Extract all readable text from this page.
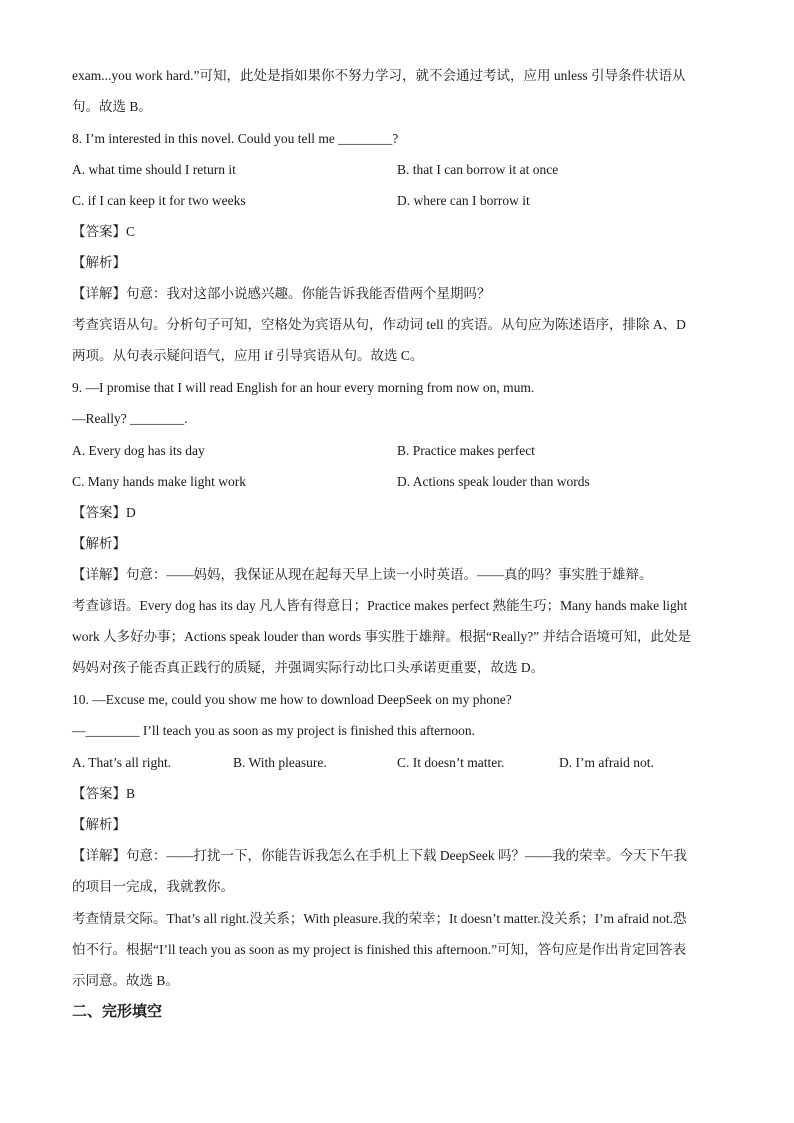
exam...you work hard.”可知，此处是指如果你不努力学习，就不会通过考试，应用 unless 引导条件状语从
句。故选 B。
8. I’m interested in this novel. Could you tell me ________?
A. what time should I return it	B. that I can borrow it at once
C. if I can keep it for two weeks	D. where can I borrow it
【答案】C
【解析】
【详解】句意：我对这部小说感兴趣。你能告诉我能否借两个星期吗？
考查宾语从句。分析句子可知，空格处为宾语从句，作动词 tell 的宾语。从句应为陈述语序，排除 A、D
两项。从句表示疑问语气，应用 if 引导宾语从句。故选 C。
9. —I promise that I will read English for an hour every morning from now on, mum.
—Really? ________.
A. Every dog has its day	B. Practice makes perfect
C. Many hands make light work	D. Actions speak louder than words
【答案】D
【解析】
【详解】句意：——妈妈，我保证从现在起每天早上读一小时英语。——真的吗？事实胜于雄辩。
考查谚语。Every dog has its day 凡人皆有得意日；Practice makes perfect 熟能生巧；Many hands make light
work 人多好办事；Actions speak louder than words 事实胜于雄辩。根据“Really?” 并结合语境可知，此处是
妈妈对孩子能否真正践行的质疑，并强调实际行动比口头承诺更重要，故选 D。
10. —Excuse me, could you show me how to download DeepSeek on my phone?
—________ I’ll teach you as soon as my project is finished this afternoon.
A. That’s all right.	B. With pleasure.	C. It doesn’t matter.	D. I’m afraid not.
【答案】B
【解析】
【详解】句意：——打扰一下，你能告诉我怎么在手机上下载 DeepSeek 吗？——我的荣幸。今天下午我
的项目一完成，我就教你。
考查情景交际。That’s all right.没关系；With pleasure.我的荣幸；It doesn’t matter.没关系；I’m afraid not.恐
怕不行。根据“I’ll teach you as soon as my project is finished this afternoon.”可知，答句应是作出肯定回答表
示同意。故选 B。
二、完形填空
